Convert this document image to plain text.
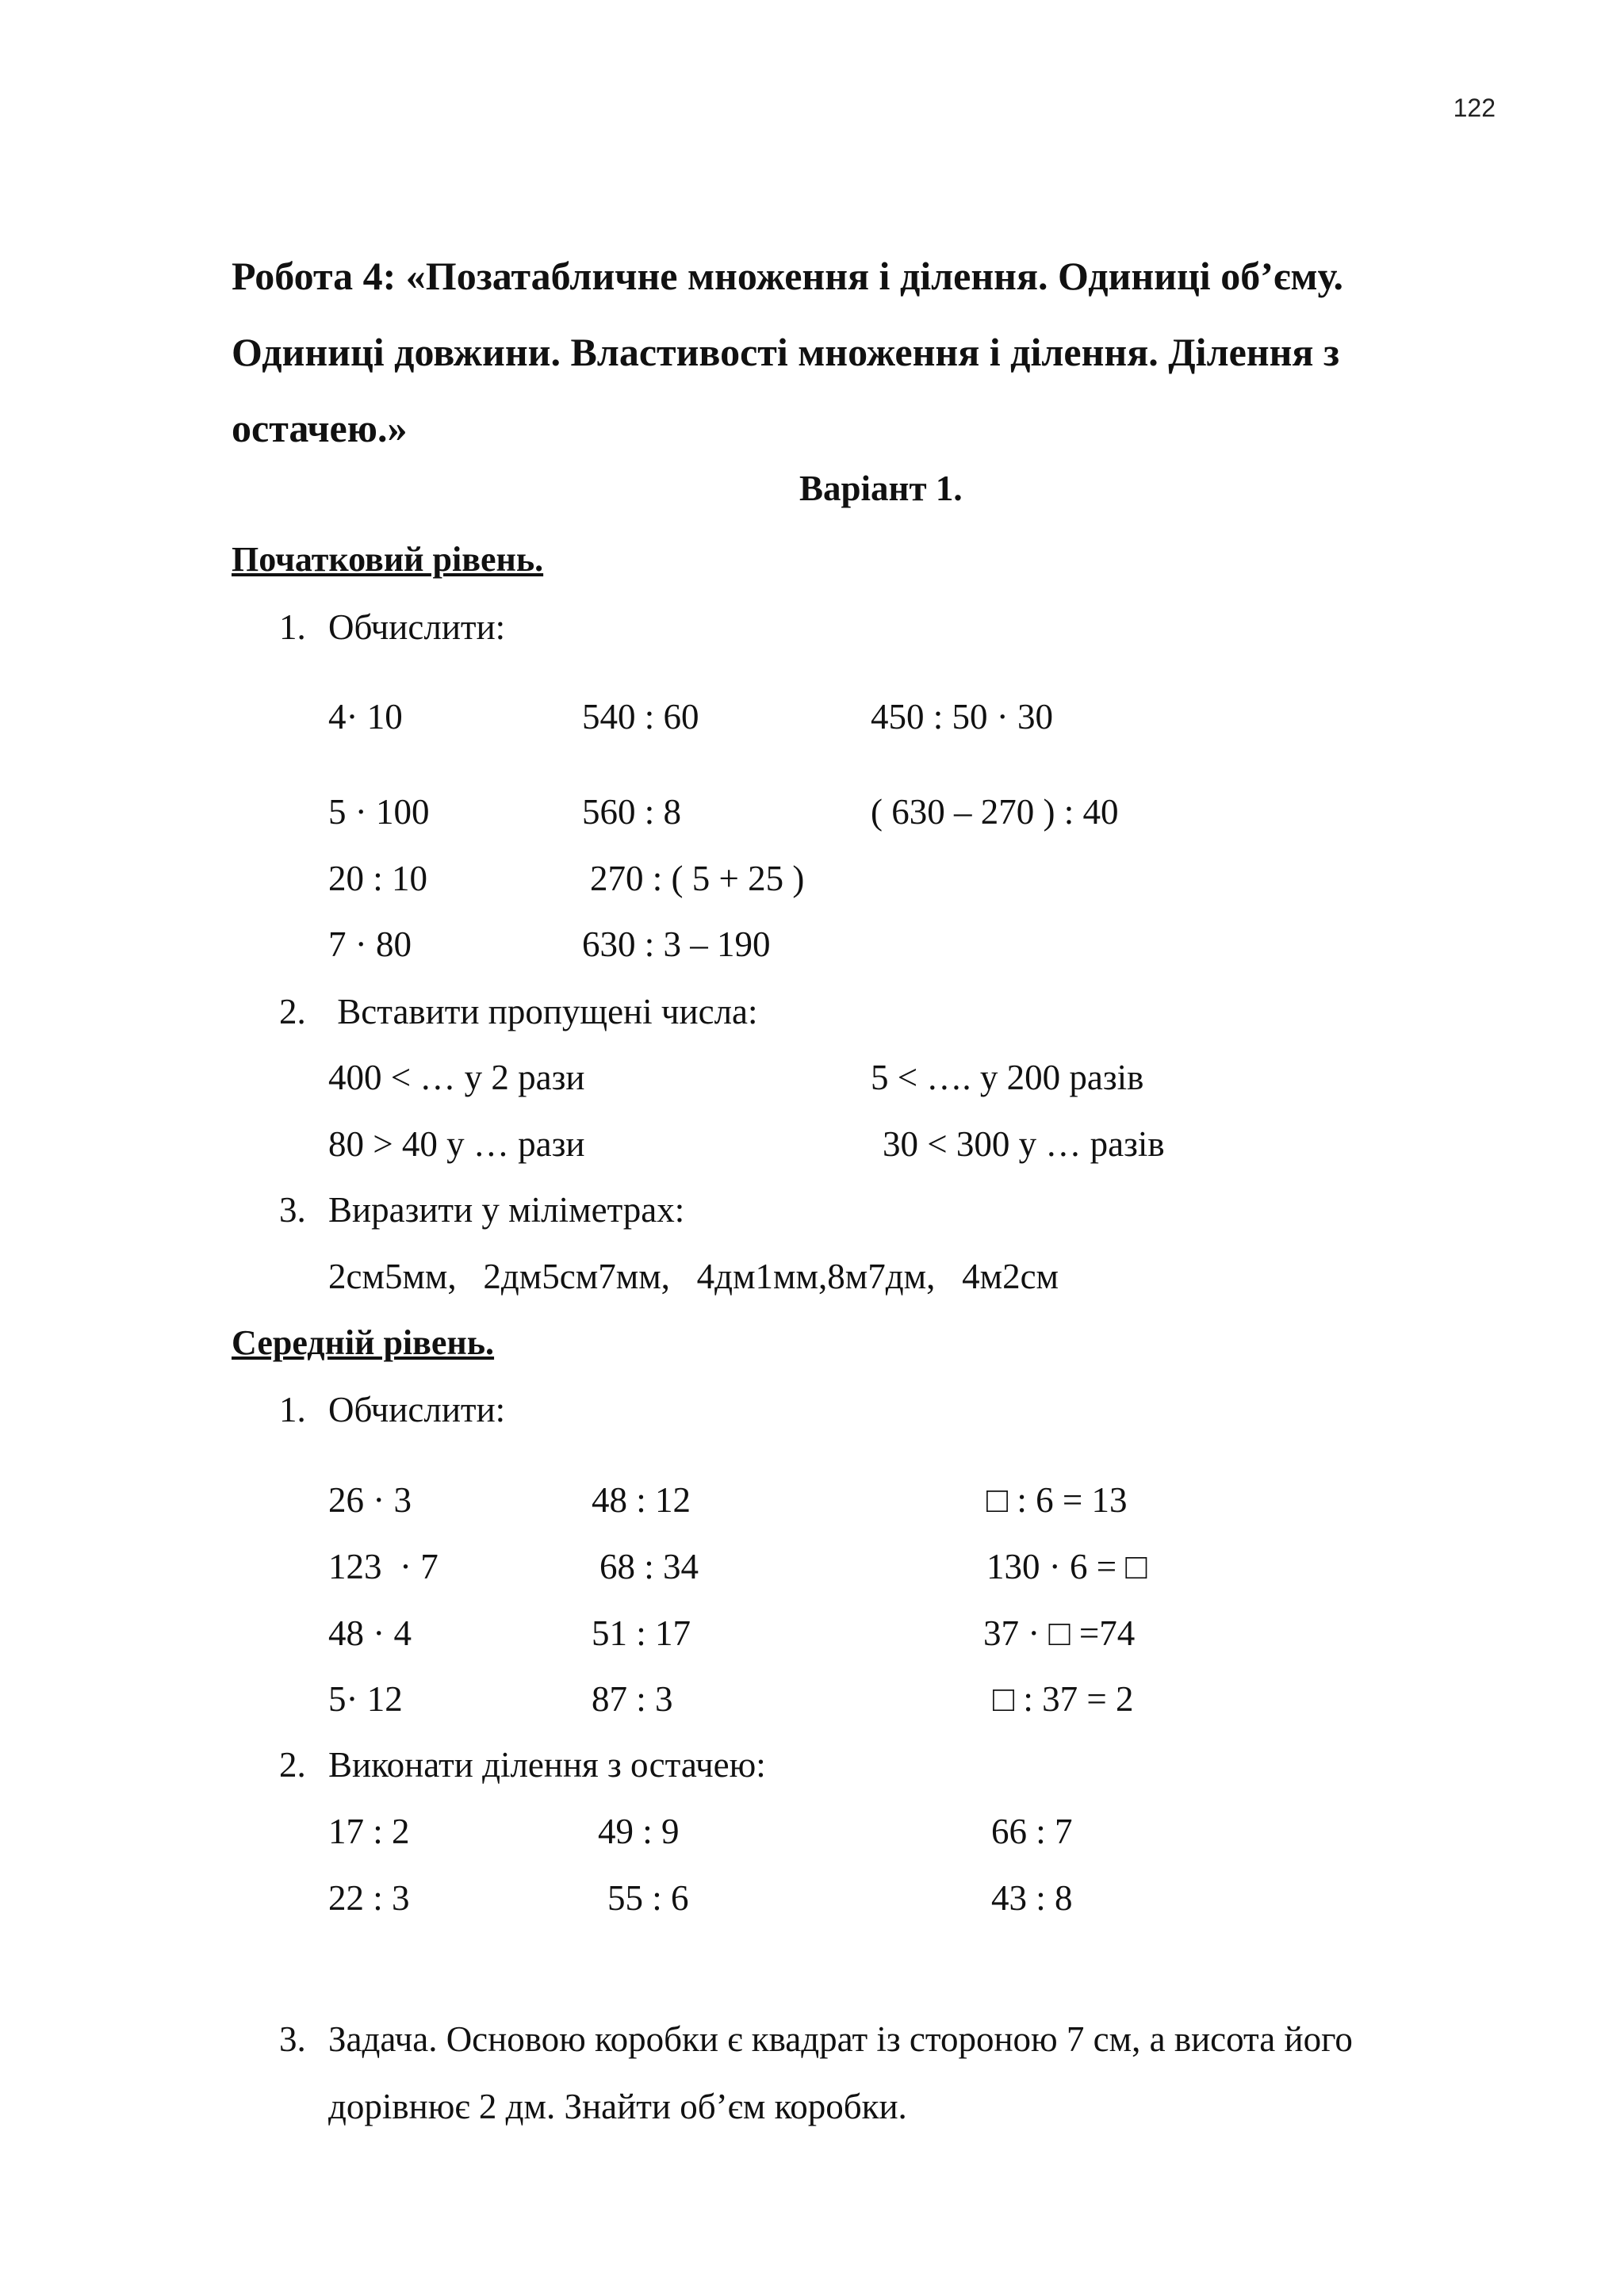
122
Робота 4: «Позатабличне множення і ділення. Одиниці об’єму.
Одиниці довжини. Властивості множення і ділення. Ділення з
остачею.»
Варіант 1.
Початковий рівень.
1. Обчислити:
4· 10	540 : 60	450 : 50 · 30
5 · 100	560 : 8	( 630 – 270 ) : 40
20 : 10	270 : ( 5 + 25 )
7 · 80	630 : 3 – 190
2. Вставити пропущені числа:
400 < … у 2 рази	5 < …. у 200 разів
80 > 40 у … рази	30 < 300 у … разів
3. Виразити у міліметрах:
2см5мм,   2дм5см7мм,   4дм1мм,8м7дм,   4м2см
Середній рівень.
1. Обчислити:
26 · 3	48 : 12	□ : 6 = 13
123  · 7	68 : 34	130 · 6 = □
48 · 4	51 : 17	37 · □ =74
5· 12	87 : 3	□ : 37 = 2
2. Виконати ділення з остачею:
17 : 2	49 : 9	66 : 7
22 : 3	55 : 6	43 : 8
3. Задача. Основою коробки є квадрат із стороною 7 см, а висота його
дорівнює 2 дм. Знайти об’єм коробки.
